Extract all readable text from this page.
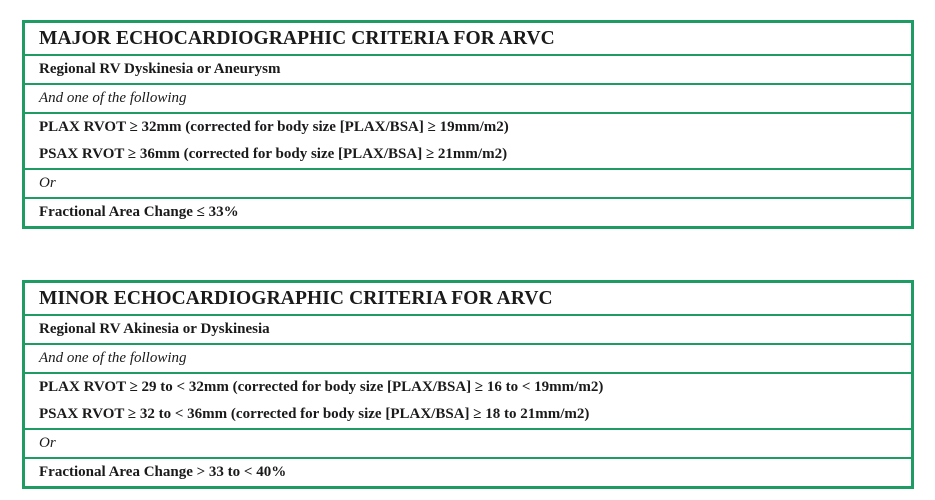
MAJOR ECHOCARDIOGRAPHIC CRITERIA FOR ARVC
Regional RV Dyskinesia or Aneurysm
And one of the following
PLAX RVOT ≥ 32mm (corrected for body size [PLAX/BSA] ≥ 19mm/m2)
PSAX RVOT ≥ 36mm (corrected for body size [PLAX/BSA] ≥ 21mm/m2)
Or
Fractional Area Change ≤ 33%
MINOR ECHOCARDIOGRAPHIC CRITERIA FOR ARVC
Regional RV Akinesia or Dyskinesia
And one of the following
PLAX RVOT ≥ 29 to < 32mm (corrected for body size [PLAX/BSA] ≥ 16 to < 19mm/m2)
PSAX RVOT ≥ 32 to < 36mm (corrected for body size [PLAX/BSA] ≥ 18 to 21mm/m2)
Or
Fractional Area Change > 33 to < 40%
